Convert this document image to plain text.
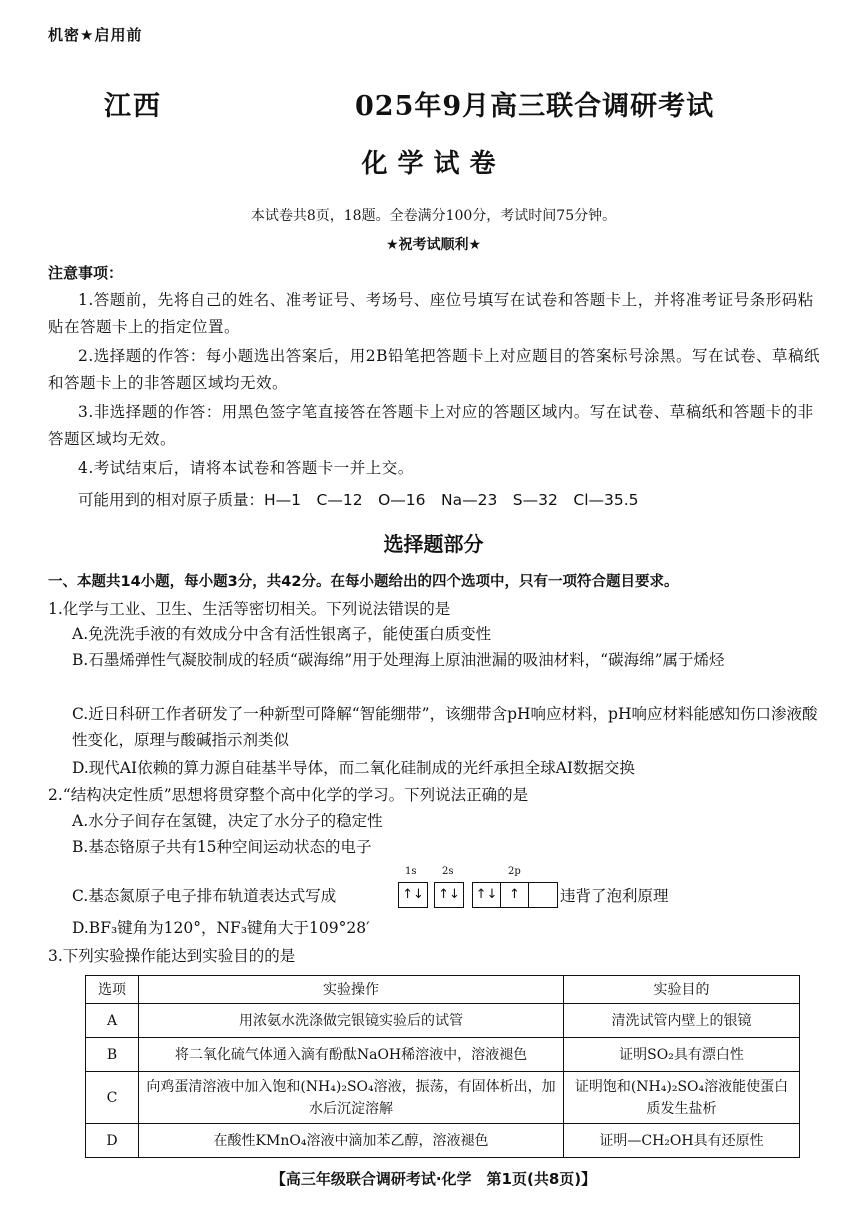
机密★启用前
江西	025年9月高三联合调研考试
化学试卷
本试卷共8页，18题。全卷满分100分，考试时间75分钟。
★祝考试顺利★
注意事项：
1.答题前，先将自己的姓名、准考证号、考场号、座位号填写在试卷和答题卡上，并将准考证号条形码粘贴在答题卡上的指定位置。
2.选择题的作答：每小题选出答案后，用2B铅笔把答题卡上对应题目的答案标号涂黑。写在试卷、草稿纸和答题卡上的非答题区域均无效。
3.非选择题的作答：用黑色签字笔直接答在答题卡上对应的答题区域内。写在试卷、草稿纸和答题卡的非答题区域均无效。
4.考试结束后，请将本试卷和答题卡一并上交。
可能用到的相对原子质量：H—1　C—12　O—16　Na—23　S—32　Cl—35.5
选择题部分
一、本题共14小题，每小题3分，共42分。在每小题给出的四个选项中，只有一项符合题目要求。
1.化学与工业、卫生、生活等密切相关。下列说法错误的是
A.免洗洗手液的有效成分中含有活性银离子，能使蛋白质变性
B.石墨烯弹性气凝胶制成的轻质“碳海绵”用于处理海上原油泄漏的吸油材料，“碳海绵”属于烯烃
C.近日科研工作者研发了一种新型可降解“智能绷带”，该绷带含pH响应材料，pH响应材料能感知伤口渗液酸性变化，原理与酸碱指示剂类似
D.现代AI依赖的算力源自硅基半导体，而二氧化硅制成的光纤承担全球AI数据交换
2.“结构决定性质”思想将贯穿整个高中化学的学习。下列说法正确的是
A.水分子间存在氢键，决定了水分子的稳定性
B.基态铬原子共有15种空间运动状态的电子
C.基态氮原子电子排布轨道表达式写成
1s	2s	2p
↑↓ ↑↓ ↑↓ ↑	违背了泡利原理
D.BF₃键角为120°，NF₃键角大于109°28′
3.下列实验操作能达到实验目的的是
选项	实验操作	实验目的
A	用浓氨水洗涤做完银镜实验后的试管	清洗试管内壁上的银镜
B	将二氧化硫气体通入滴有酚酞NaOH稀溶液中，溶液褪色	证明SO₂具有漂白性
C	向鸡蛋清溶液中加入饱和(NH₄)₂SO₄溶液，振荡，有固体析出，加水后沉淀溶解	证明饱和(NH₄)₂SO₄溶液能使蛋白质发生盐析
D	在酸性KMnO₄溶液中滴加苯乙醇，溶液褪色	证明—CH₂OH具有还原性
【高三年级联合调研考试·化学　第1页(共8页)】
